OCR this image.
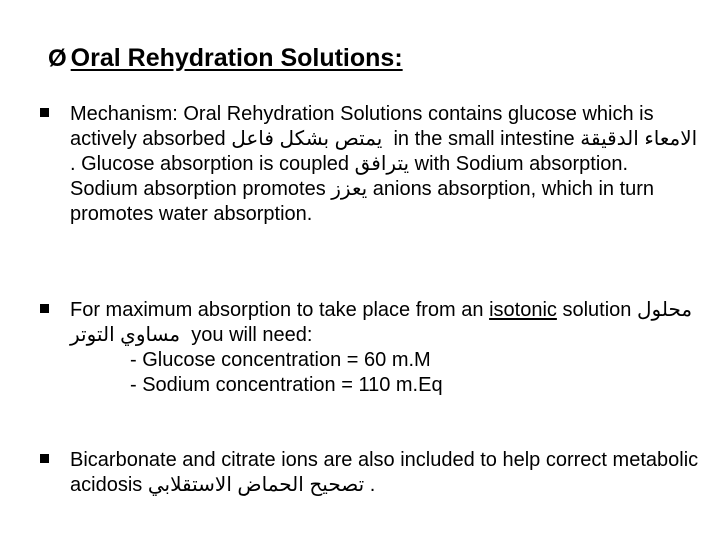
Ø Oral Rehydration Solutions:
Mechanism: Oral Rehydration Solutions contains glucose which is actively absorbed يمتص بشكل فاعل in the small intestine الامعاء الدقيقة . Glucose absorption is coupled يترافق with Sodium absorption. Sodium absorption promotes يعزز anions absorption, which in turn promotes water absorption.
For maximum absorption to take place from an isotonic solution محلول مساوي التوتر you will need:
- Glucose concentration = 60 m.M
- Sodium concentration = 110 m.Eq
Bicarbonate and citrate ions are also included to help correct metabolic acidosis تصحيح الحماض الاستقلابي .
